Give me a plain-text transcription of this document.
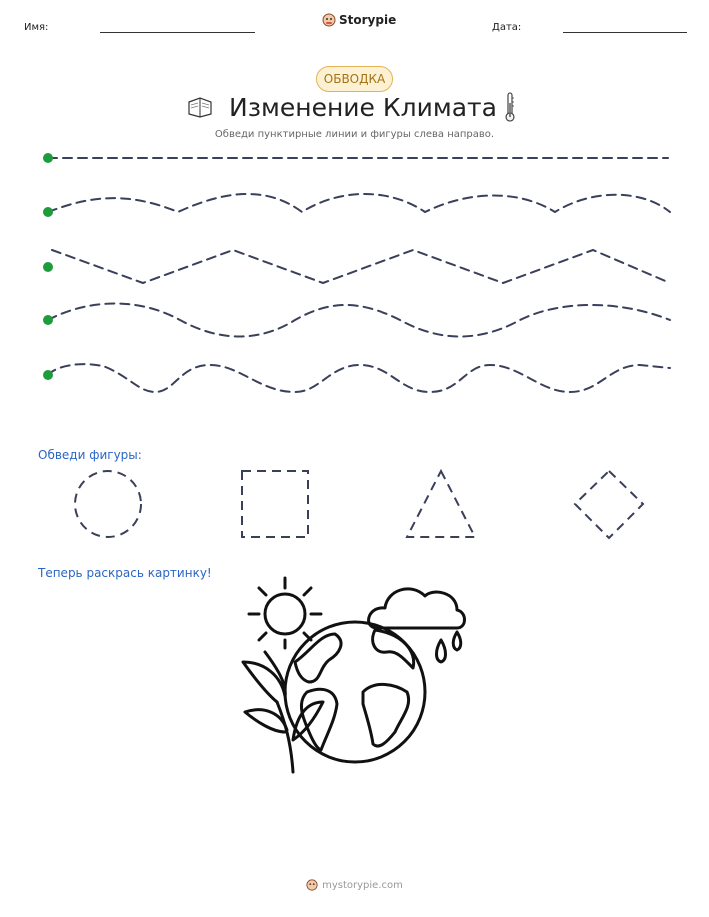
Имя:
Storypie
Дата:
ОБВОДКА
Изменение Климата
Обведи пунктирные линии и фигуры слева направо.
Обведи фигуры:
Теперь раскрась картинку!
mystorypie.com
